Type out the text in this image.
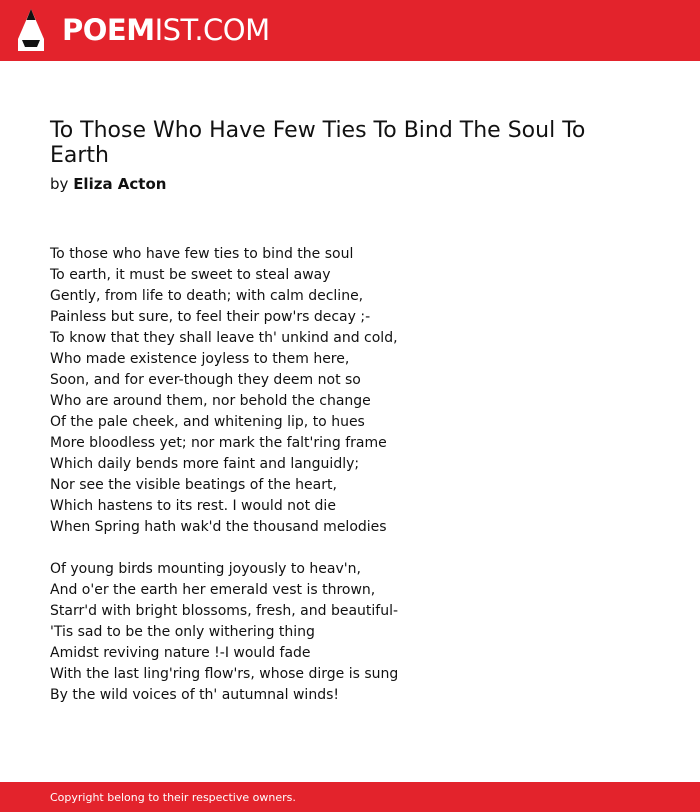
POEMIST.COM
To Those Who Have Few Ties To Bind The Soul To Earth
by Eliza Acton
To those who have few ties to bind the soul
To earth, it must be sweet to steal away
Gently, from life to death; with calm decline,
Painless but sure, to feel their pow'rs decay ;-
To know that they shall leave th' unkind and cold,
Who made existence joyless to them here,
Soon, and for ever-though they deem not so
Who are around them, nor behold the change
Of the pale cheek, and whitening lip, to hues
More bloodless yet; nor mark the falt'ring frame
Which daily bends more faint and languidly;
Nor see the visible beatings of the heart,
Which hastens to its rest. I would not die
When Spring hath wak'd the thousand melodies
Of young birds mounting joyously to heav'n,
And o'er the earth her emerald vest is thrown,
Starr'd with bright blossoms, fresh, and beautiful-
'Tis sad to be the only withering thing
Amidst reviving nature !-I would fade
With the last ling'ring flow'rs, whose dirge is sung
By the wild voices of th' autumnal winds!
Copyright belong to their respective owners.
